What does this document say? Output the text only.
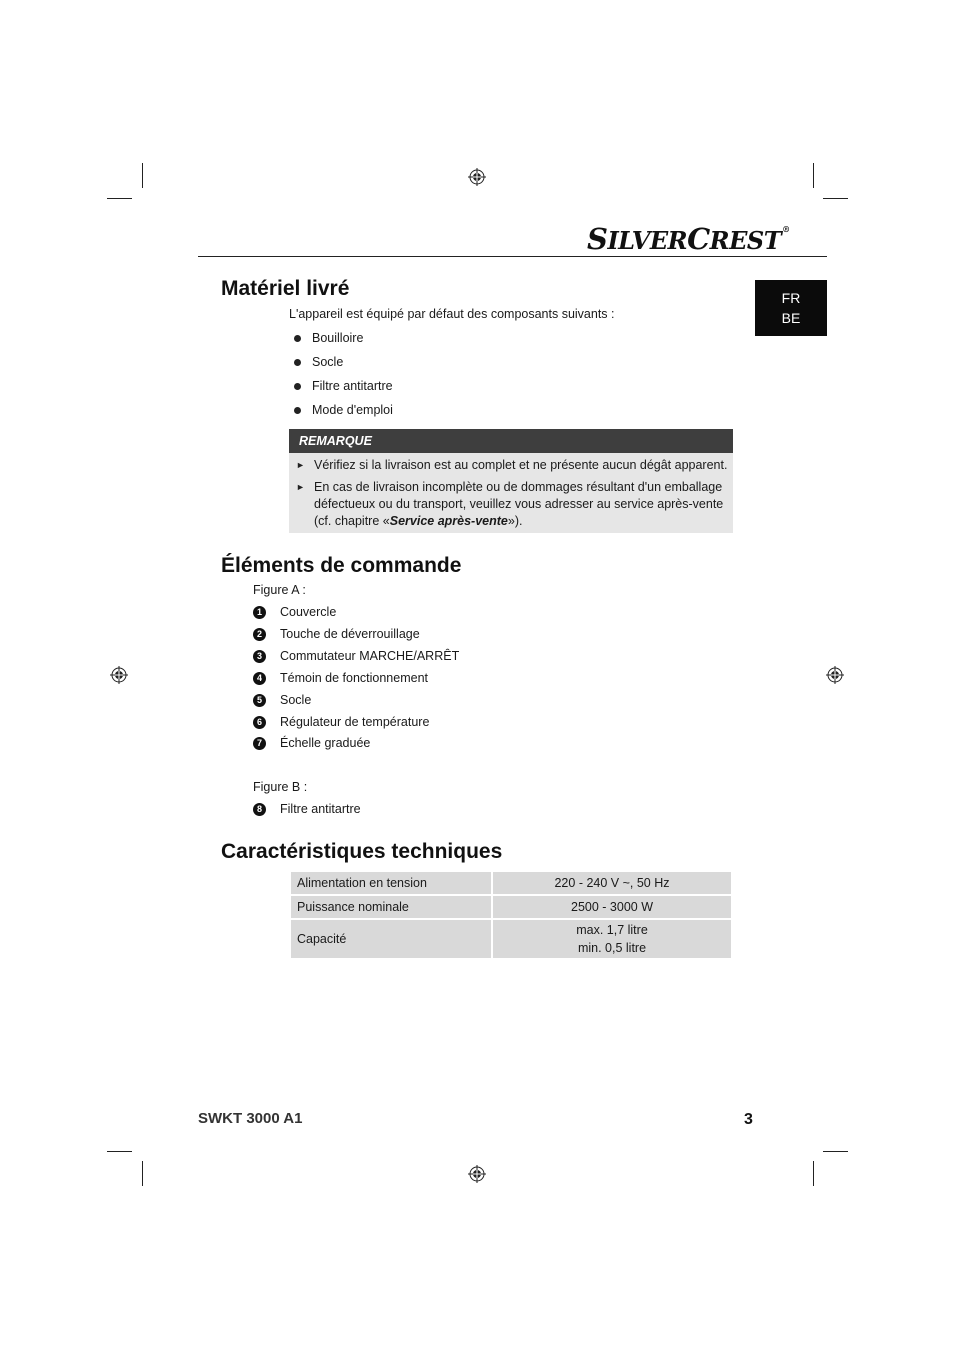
SILVERCREST®
FR
BE
Matériel livré
L'appareil est équipé par défaut des composants suivants :
Bouilloire
Socle
Filtre antitartre
Mode d'emploi
REMARQUE
► Vérifiez si la livraison est au complet et ne présente aucun dégât apparent.
► En cas de livraison incomplète ou de dommages résultant d'un emballage
défectueux ou du transport, veuillez vous adresser au service après-vente
(cf. chapitre «Service après-vente»).
Éléments de commande
Figure A :
1	Couvercle
2	Touche de déverrouillage
3	Commutateur MARCHE/ARRÊT
4	Témoin de fonctionnement
5	Socle
6	Régulateur de température
7	Échelle graduée
Figure B :
8	Filtre antitartre
Caractéristiques techniques
Alimentation en tension	220 - 240 V ~, 50 Hz
Puissance nominale	2500 - 3000 W
Capacité	max. 1,7 litre
min. 0,5 litre
SWKT 3000 A1	3
